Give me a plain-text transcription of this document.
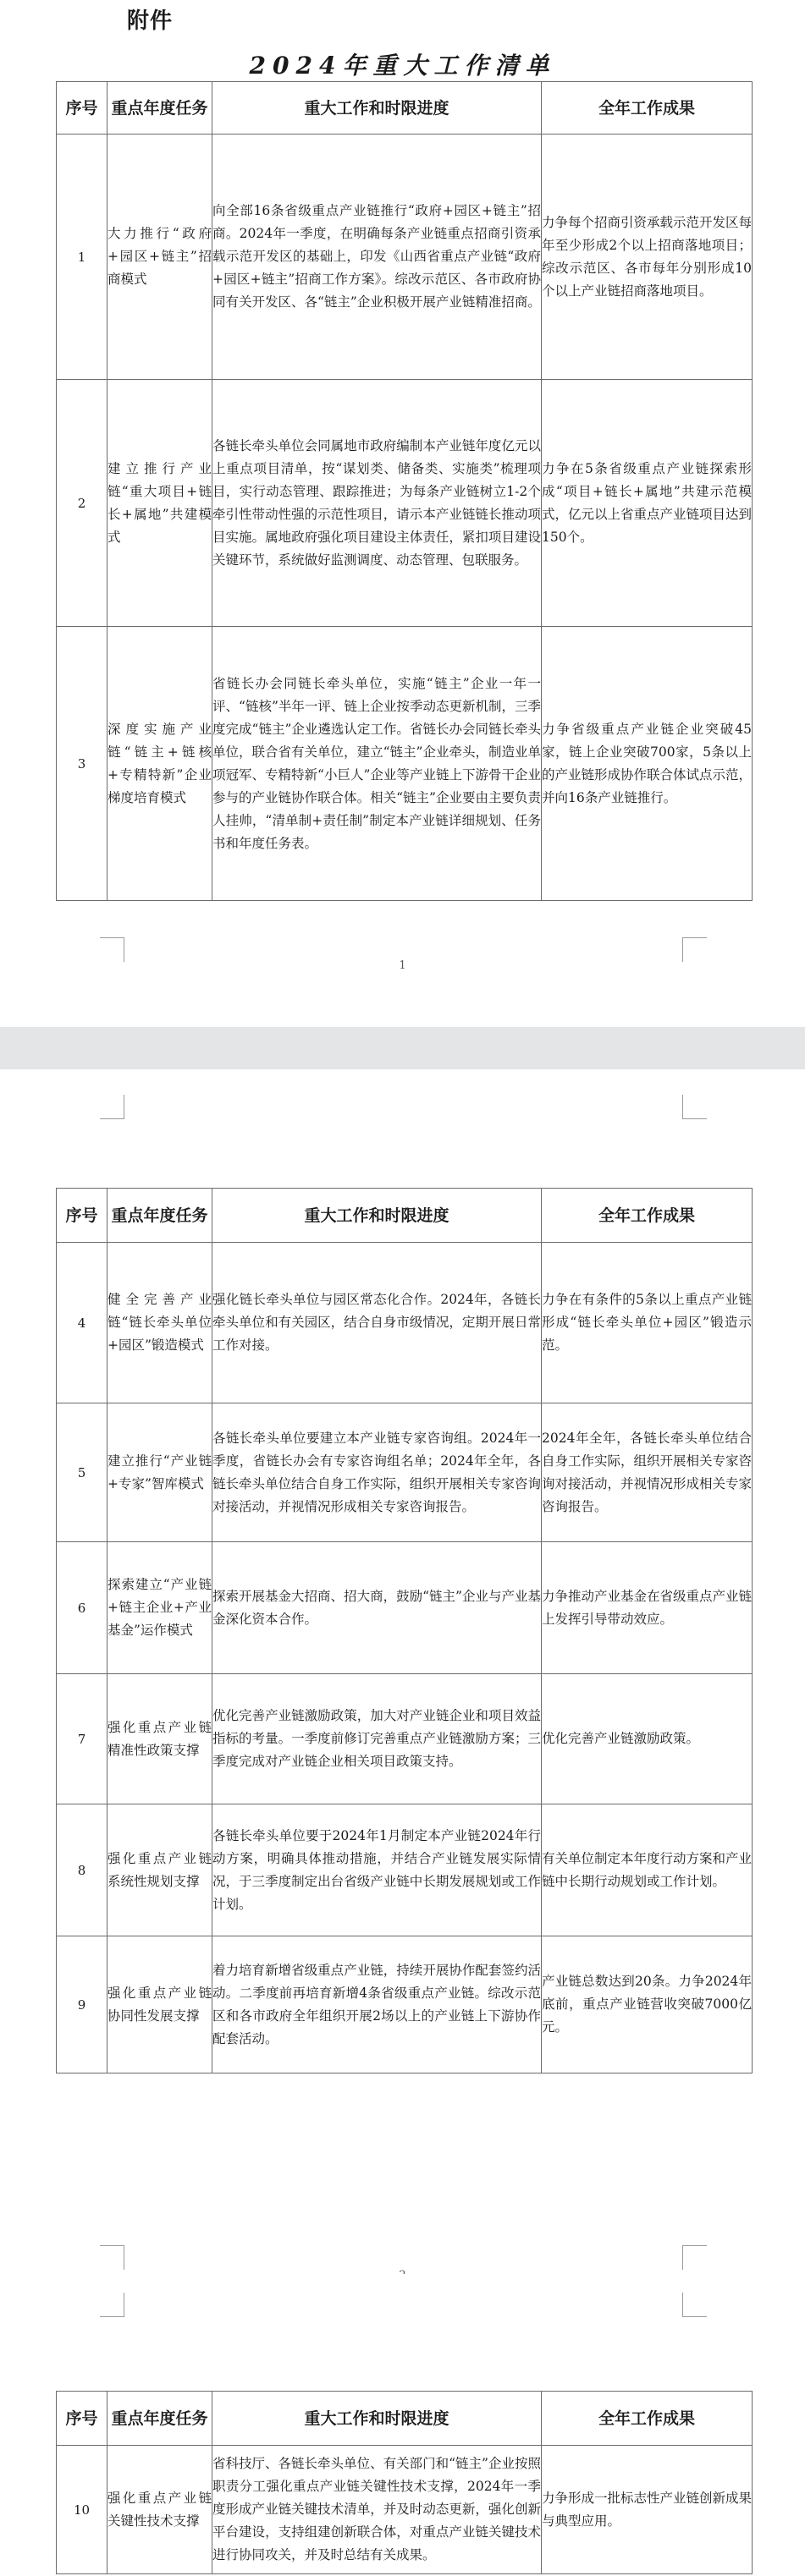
附件
2024年重大工作清单
序号	重点年度任务	重大工作和时限进度	全年工作成果
1	大力推行“政府+园区+链主”招商模式	向全部16条省级重点产业链推行“政府+园区+链主”招商。2024年一季度，在明确每条产业链重点招商引资承载示范开发区的基础上，印发《山西省重点产业链“政府+园区+链主”招商工作方案》。综改示范区、各市政府协同有关开发区、各“链主”企业积极开展产业链精准招商。	力争每个招商引资承载示范开发区每年至少形成2个以上招商落地项目；综改示范区、各市每年分别形成10个以上产业链招商落地项目。
2	建立推行产业链“重大项目+链长+属地”共建模式	各链长牵头单位会同属地市政府编制本产业链年度亿元以上重点项目清单，按“谋划类、储备类、实施类”梳理项目，实行动态管理、跟踪推进；为每条产业链树立1-2个牵引性带动性强的示范性项目，请示本产业链链长推动项目实施。属地政府强化项目建设主体责任，紧扣项目建设关键环节，系统做好监测调度、动态管理、包联服务。	力争在5条省级重点产业链探索形成“项目+链长+属地”共建示范模式，亿元以上省重点产业链项目达到150个。
3	深度实施产业链“链主+链核+专精特新”企业梯度培育模式	省链长办会同链长牵头单位，实施“链主”企业一年一评、“链核”半年一评、链上企业按季动态更新机制，三季度完成“链主”企业遴选认定工作。省链长办会同链长牵头单位，联合省有关单位，建立“链主”企业牵头，制造业单项冠军、专精特新“小巨人”企业等产业链上下游骨干企业参与的产业链协作联合体。相关“链主”企业要由主要负责人挂帅，“清单制+责任制”制定本产业链详细规划、任务书和年度任务表。	力争省级重点产业链企业突破45家，链上企业突破700家，5条以上的产业链形成协作联合体试点示范，并向16条产业链推行。
1
序号	重点年度任务	重大工作和时限进度	全年工作成果
4	健全完善产业链“链长牵头单位+园区”锻造模式	强化链长牵头单位与园区常态化合作。2024年，各链长牵头单位和有关园区，结合自身市级情况，定期开展日常工作对接。	力争在有条件的5条以上重点产业链形成“链长牵头单位+园区”锻造示范。
5	建立推行“产业链+专家”智库模式	各链长牵头单位要建立本产业链专家咨询组。2024年一季度，省链长办会有专家咨询组名单；2024年全年，各链长牵头单位结合自身工作实际，组织开展相关专家咨询对接活动，并视情况形成相关专家咨询报告。	2024年全年，各链长牵头单位结合自身工作实际，组织开展相关专家咨询对接活动，并视情况形成相关专家咨询报告。
6	探索建立“产业链+链主企业+产业基金”运作模式	探索开展基金大招商、招大商，鼓励“链主”企业与产业基金深化资本合作。	力争推动产业基金在省级重点产业链上发挥引导带动效应。
7	强化重点产业链精准性政策支撑	优化完善产业链激励政策，加大对产业链企业和项目效益指标的考量。一季度前修订完善重点产业链激励方案；三季度完成对产业链企业相关项目政策支持。	优化完善产业链激励政策。
8	强化重点产业链系统性规划支撑	各链长牵头单位要于2024年1月制定本产业链2024年行动方案，明确具体推动措施，并结合产业链发展实际情况，于三季度制定出台省级产业链中长期发展规划或工作计划。	有关单位制定本年度行动方案和产业链中长期行动规划或工作计划。
9	强化重点产业链协同性发展支撑	着力培育新增省级重点产业链，持续开展协作配套签约活动。二季度前再培育新增4条省级重点产业链。综改示范区和各市政府全年组织开展2场以上的产业链上下游协作配套活动。	产业链总数达到20条。力争2024年底前，重点产业链营收突破7000亿元。
序号	重点年度任务	重大工作和时限进度	全年工作成果
10	强化重点产业链关键性技术支撑	省科技厅、各链长牵头单位、有关部门和“链主”企业按照职责分工强化重点产业链关键性技术支撑，2024年一季度形成产业链关键技术清单，并及时动态更新，强化创新平台建设，支持组建创新联合体，对重点产业链关键技术进行协同攻关，并及时总结有关成果。	力争形成一批标志性产业链创新成果与典型应用。
